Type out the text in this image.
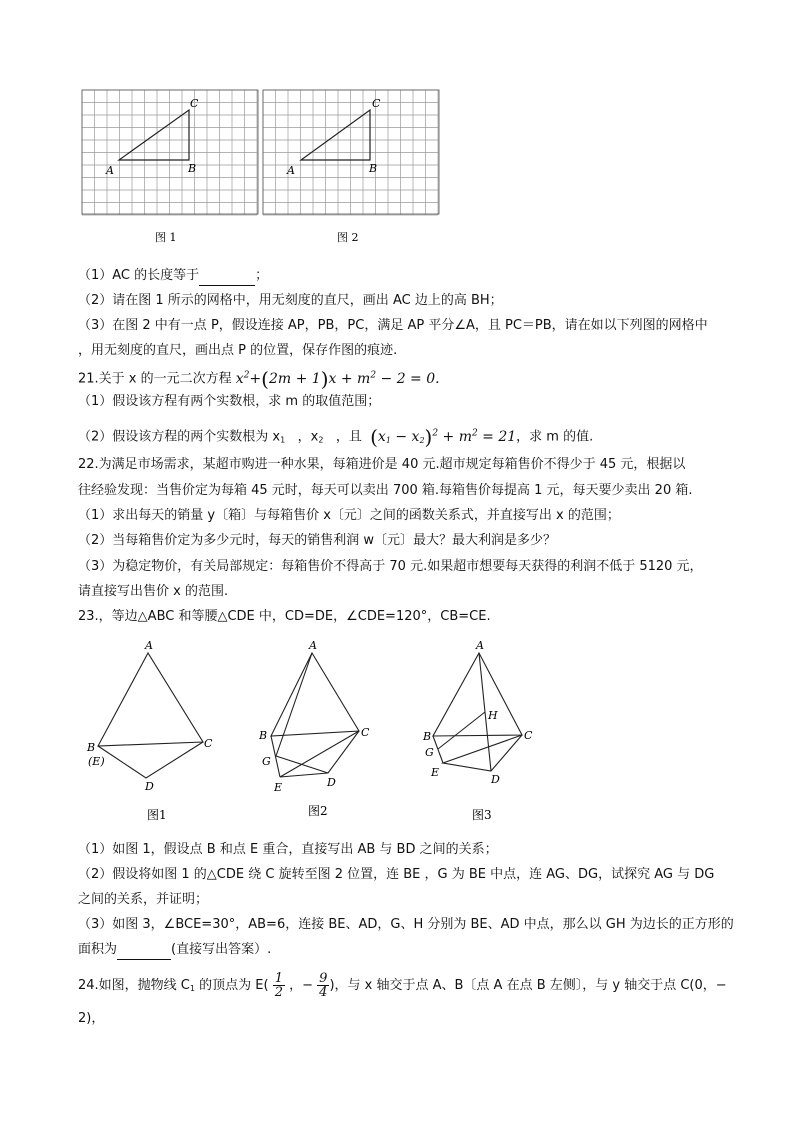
A	B
C
A	B
C
图 1	图 2
（1）AC 的长度等于	；
（2）请在图 1 所示的网格中，用无刻度的直尺，画出 AC 边上的高 BH；
（3）在图 2 中有一点 P，假设连接 AP，PB，PC，满足 AP 平分∠A，且 PC＝PB，请在如以下列图的网格中
，用无刻度的直尺，画出点 P 的位置，保存作图的痕迹.
21.关于 x 的一元二次方程 $x^2+(2m + 1)x + m^2 - 2 = 0$.
（1）假设该方程有两个实数根，求 m 的取值范围；
（2）假设该方程的两个实数根为 $x_1$ ，$x_2$ ，且 $(x_1 - x_2)^2 + m^2 = 21$，求 m 的值.
22.为满足市场需求，某超市购进一种水果，每箱进价是 40 元.超市规定每箱售价不得少于 45 元，根据以
往经验发现：当售价定为每箱 45 元时，每天可以卖出 700 箱.每箱售价每提高 1 元，每天要少卖出 20 箱.
（1）求出每天的销量 y〔箱〕与每箱售价 x〔元〕之间的函数关系式，并直接写出 x 的范围；
（2）当每箱售价定为多少元时，每天的销售利润 w〔元〕最大？最大利润是多少？
（3）为稳定物价，有关局部规定：每箱售价不得高于 70 元.如果超市想要每天获得的利润不低于 5120 元，
请直接写出售价 x 的范围.
23.，等边△ABC 和等腰△CDE 中，CD=DE，∠CDE=120°，CB=CE.
A
B
(E)
C
D
A
B	C
G
E	D
A
H
B
G
E
C
D
图1	图2	图3
（1）如图 1，假设点 B 和点 E 重合，直接写出 AB 与 BD 之间的关系；
（2）假设将如图 1 的△CDE 绕 C 旋转至图 2 位置，连 BE ，G 为 BE 中点，连 AG、DG，试探究 AG 与 DG
之间的关系，并证明；
（3）如图 3，∠BCE=30°，AB=6，连接 BE、AD，G、H 分别为 BE、AD 中点，那么以 GH 为边长的正方形的
面积为	(直接写出答案）.
24.如图，抛物线 $C_1$ 的顶点为 $E( \frac{1}{2}$ ，− $\frac{9}{4}$ )，与 x 轴交于点 A、B〔点 A 在点 B 左侧〕，与 y 轴交于点 C(0，−
2)，
